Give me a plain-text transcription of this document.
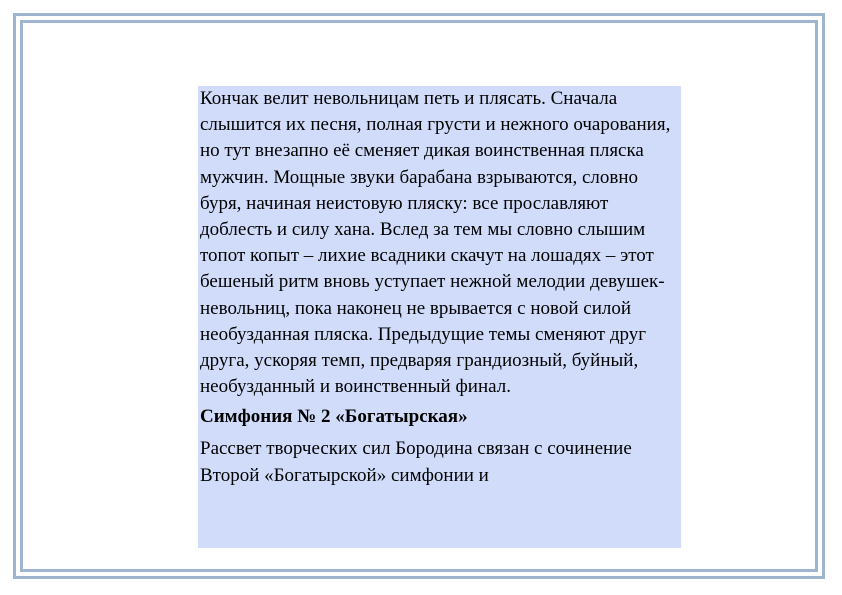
Кончак велит невольницам петь и плясать. Сначала слышится их песня, полная грусти и нежного очарования, но тут внезапно её сменяет дикая воинственная пляска мужчин. Мощные звуки барабана взрываются, словно буря, начиная неистовую пляску: все прославляют доблесть и силу хана. Вслед за тем мы словно слышим топот копыт – лихие всадники скачут на лошадях – этот бешеный ритм вновь уступает нежной мелодии девушек-невольниц, пока наконец не врывается с новой силой необузданная пляска. Предыдущие темы сменяют друг друга, ускоряя темп, предваряя грандиозный, буйный, необузданный и воинственный финал.

Симфония № 2 «Богатырская»

Рассвет творческих сил Бородина связан с сочинение Второй «Богатырской» симфонии и
